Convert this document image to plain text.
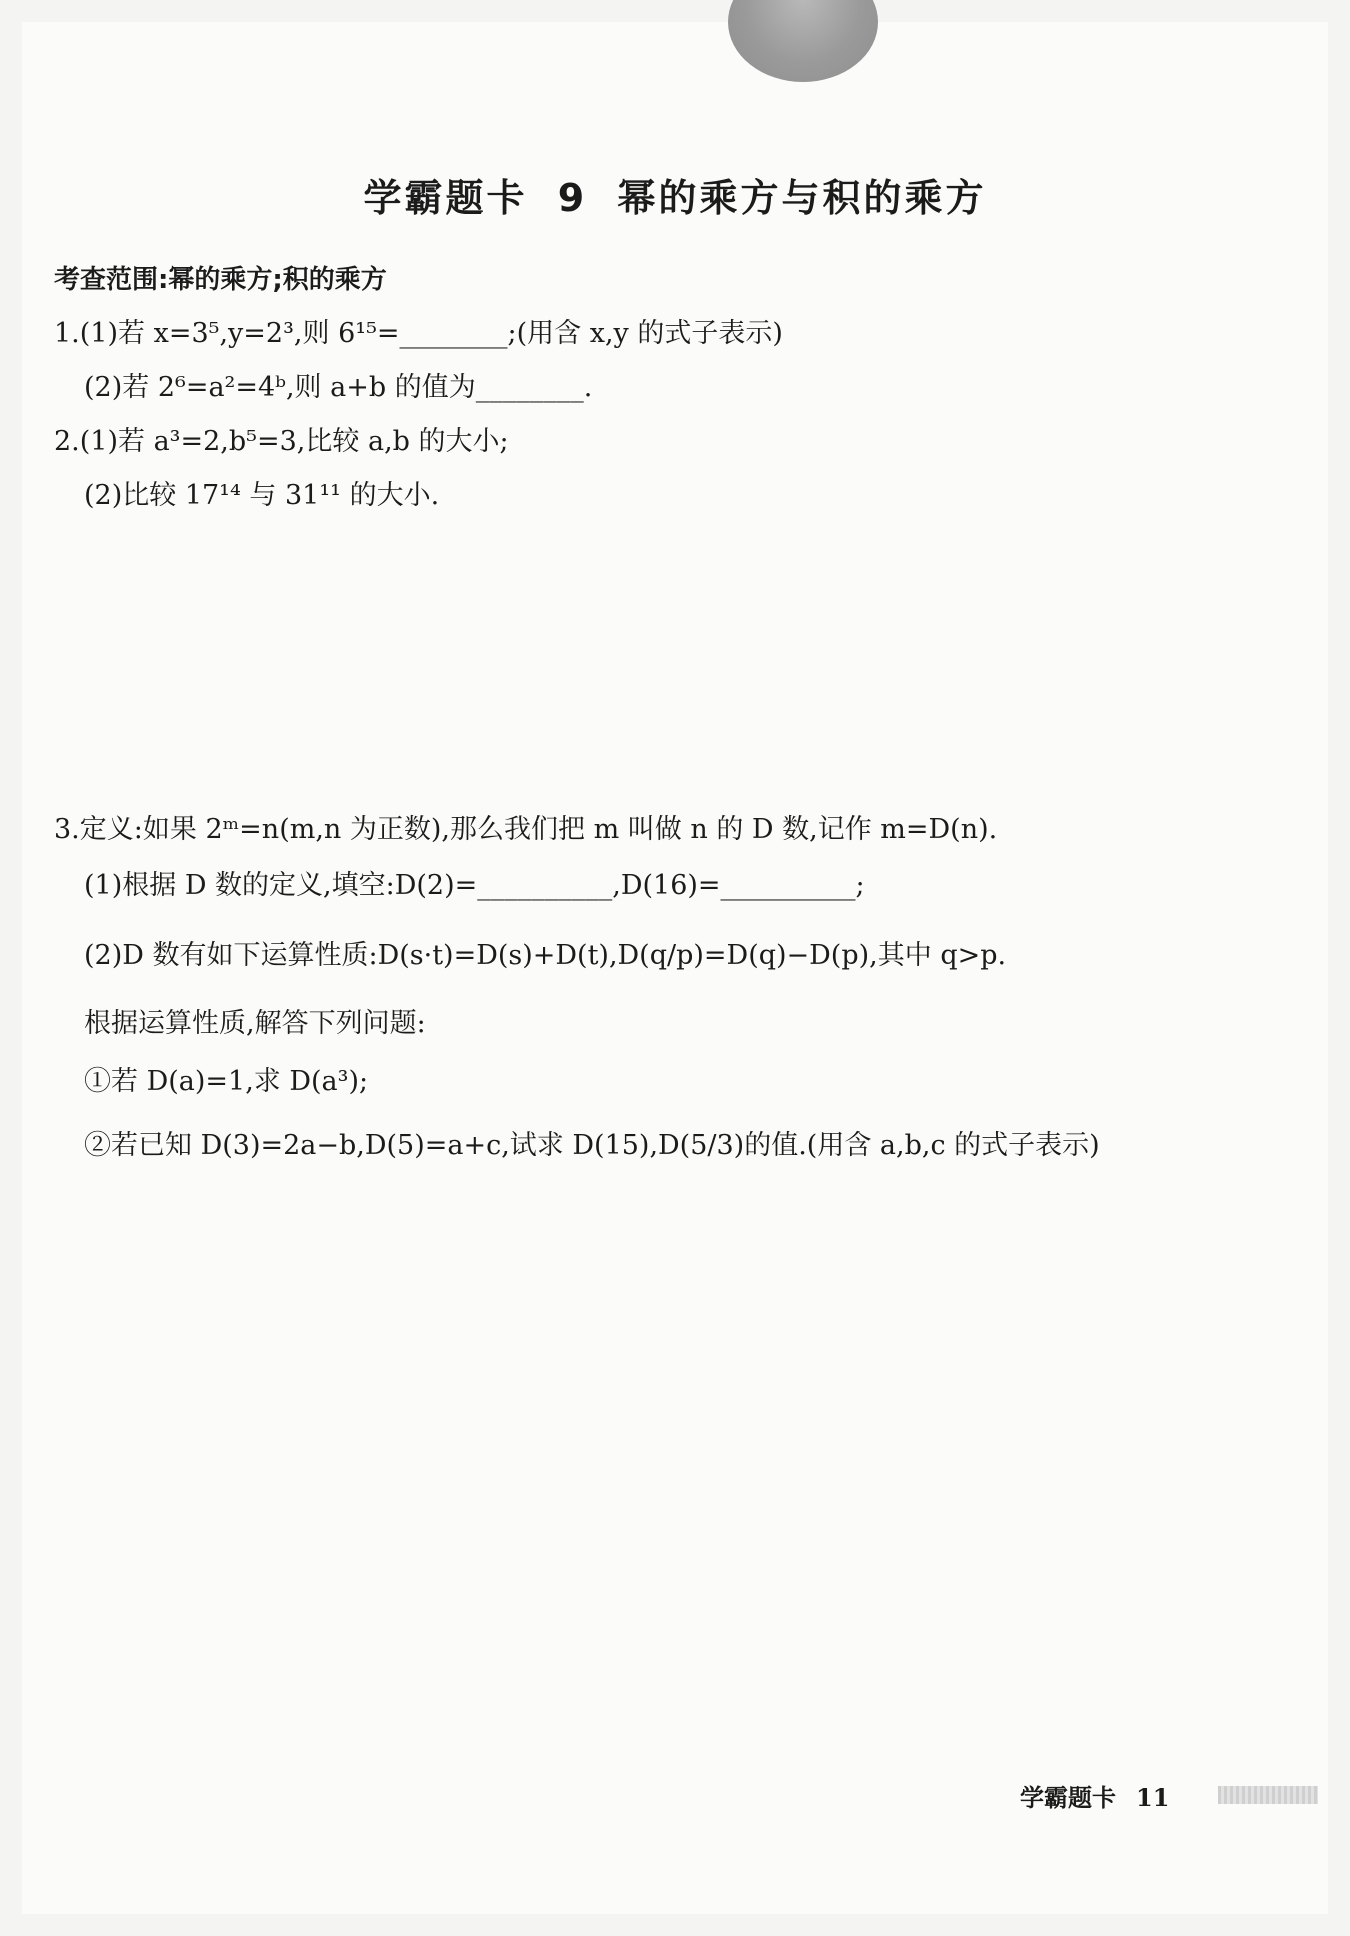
学霸题卡 9 幂的乘方与积的乘方
考查范围:幂的乘方;积的乘方
1.(1)若 x=3⁵,y=2³,则 6¹⁵=________;(用含 x,y 的式子表示)
(2)若 2⁶=a²=4ᵇ,则 a+b 的值为________.
2.(1)若 a³=2,b⁵=3,比较 a,b 的大小;
(2)比较 17¹⁴ 与 31¹¹ 的大小.
3.定义:如果 2ᵐ=n(m,n 为正数),那么我们把 m 叫做 n 的 D 数,记作 m=D(n).
(1)根据 D 数的定义,填空:D(2)=__________,D(16)=__________;
(2)D 数有如下运算性质:D(s·t)=D(s)+D(t),D(q/p)=D(q)−D(p),其中 q>p.
根据运算性质,解答下列问题:
①若 D(a)=1,求 D(a³);
②若已知 D(3)=2a−b,D(5)=a+c,试求 D(15),D(5/3)的值.(用含 a,b,c 的式子表示)
学霸题卡 11
